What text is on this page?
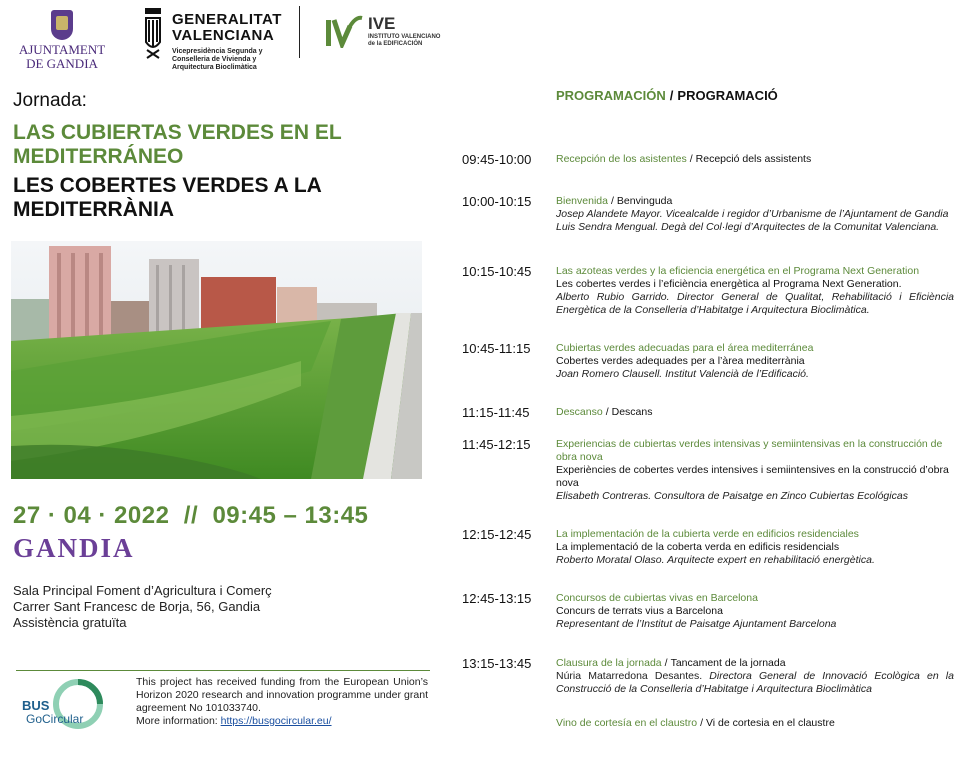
AJUNTAMENT
DE GANDIA
GENERALITAT
VALENCIANA
Vicepresidència Segunda y Conselleria de Vivienda y Arquitectura Bioclimàtica
IVE
INSTITUTO VALENCIANO
de la EDIFICACIÓN
Jornada:
LAS CUBIERTAS VERDES EN EL MEDITERRÁNEO
LES COBERTES VERDES A LA MEDITERRÀNIA
27 · 04 · 2022  //  09:45 – 13:45
GANDIA
Sala Principal Foment d’Agricultura i Comerç
Carrer Sant Francesc de Borja, 56, Gandia
Assistència gratuïta
BUS
GoCircular
This project has received funding from the European Union’s Horizon 2020 research and innovation programme under grant agreement No 101033740.
More information: https://busgocircular.eu/
PROGRAMACIÓN / PROGRAMACIÓ
09:45-10:00 Recepción de los asistentes / Recepció dels assistents
10:00-10:15 Bienvenida / Benvinguda
Josep Alandete Mayor. Vicealcalde i regidor d’Urbanisme de l’Ajuntament de Gandia
Luis Sendra Mengual. Degà del Col·legi d’Arquitectes de la Comunitat Valenciana.
10:15-10:45 Las azoteas verdes y la eficiencia energética en el Programa Next Generation
Les cobertes verdes i l’eficiència energètica al Programa Next Generation.
Alberto Rubio Garrido. Director General de Qualitat, Rehabilitació i Eficiència Energètica de la Conselleria d’Habitatge i Arquitectura Bioclimàtica.
10:45-11:15 Cubiertas verdes adecuadas para el área mediterránea
Cobertes verdes adequades per a l’àrea mediterrània
Joan Romero Clausell. Institut Valencià de l’Edificació.
11:15-11:45	Descanso / Descans
11:45-12:15 Experiencias de cubiertas verdes intensivas y semiintensivas en la construcción de obra nova
Experiències de cobertes verdes intensives i semiintensives en la construcció d’obra nova
Elisabeth Contreras. Consultora de Paisatge en Zinco Cubiertas Ecológicas
12:15-12:45 La implementación de la cubierta verde en edificios residenciales
La implementació de la coberta verda en edificis residencials
Roberto Moratal Olaso. Arquitecte expert en rehabilitació energètica.
12:45-13:15 Concursos de cubiertas vivas en Barcelona
Concurs de terrats vius a Barcelona
Representant de l’Institut de Paisatge Ajuntament Barcelona
13:15-13:45 Clausura de la jornada / Tancament de la jornada
Núria Matarredona Desantes. Directora General de Innovació Ecològica en la Construcció de la Conselleria d’Habitatge i Arquitectura Bioclimàtica
Vino de cortesía en el claustro / Vi de cortesia en el claustre
